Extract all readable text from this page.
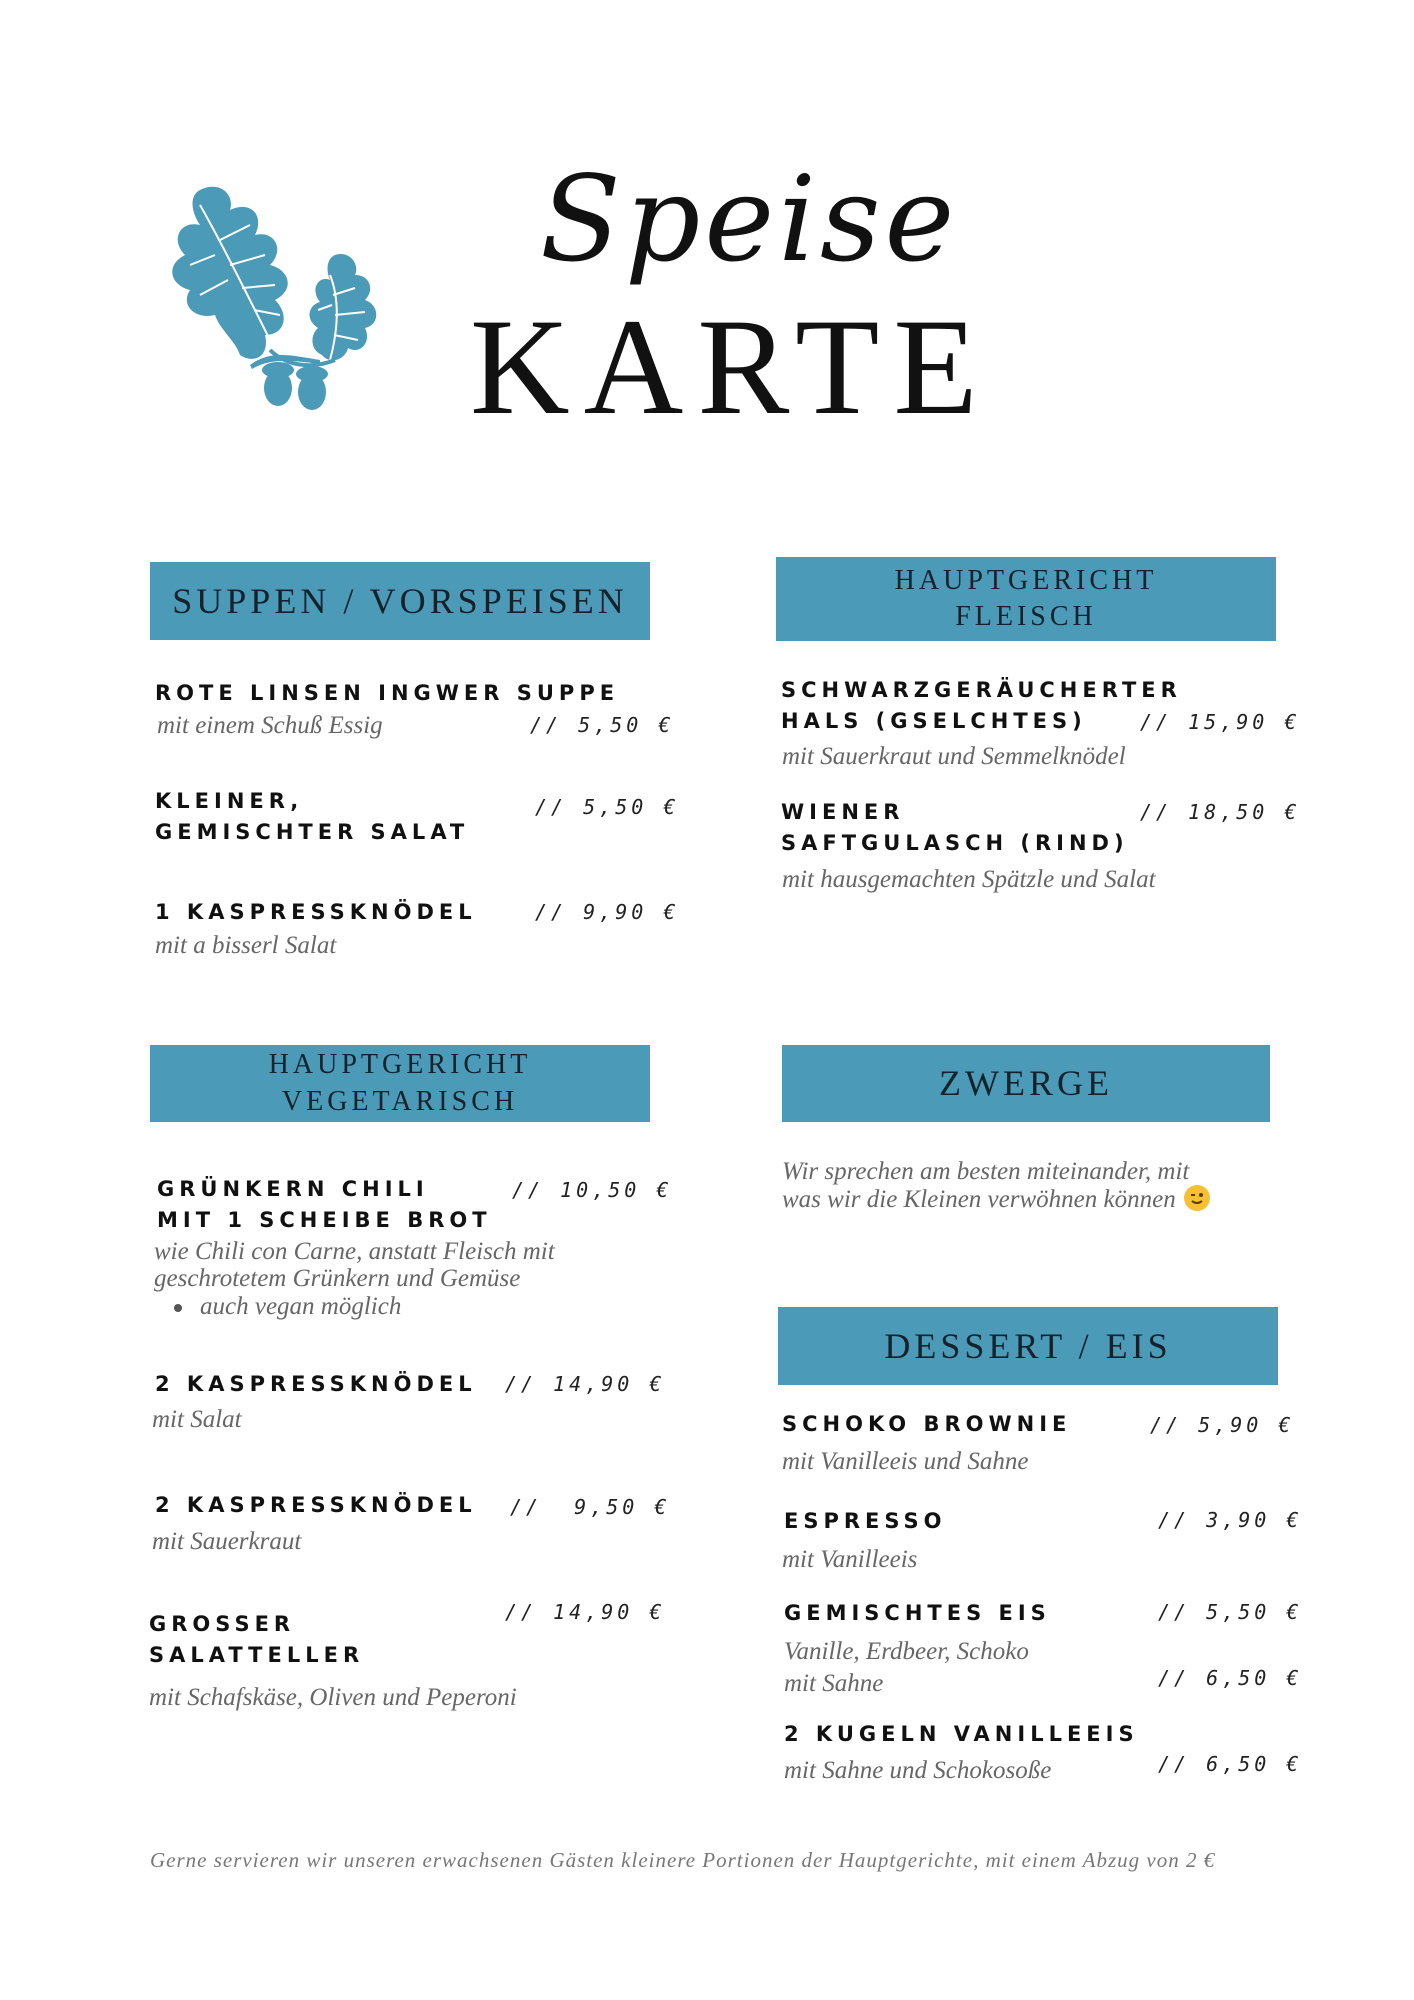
Speise
KARTE
SUPPEN / VORSPEISEN
ROTE LINSEN INGWER SUPPE
mit einem Schuß Essig	// 5,50 €
KLEINER,
GEMISCHTER SALAT
// 5,50 €
1 KASPRESSKNÖDEL
mit a bisserl Salat
// 9,90 €
HAUPTGERICHT
FLEISCH
SCHWARZGERÄUCHERTER
HALS (GSELCHTES)	// 15,90 €
mit Sauerkraut und Semmelknödel
WIENER
SAFTGULASCH (RIND)
// 18,50 €
mit hausgemachten Spätzle und Salat
HAUPTGERICHT
VEGETARISCH
GRÜNKERN CHILI
MIT 1 SCHEIBE BROT
// 10,50 €
wie Chili con Carne, anstatt Fleisch mit
geschrotetem Grünkern und Gemüse
auch vegan möglich
2 KASPRESSKNÖDEL // 14,90 €
mit Salat
2 KASPRESSKNÖDEL //  9,50 €
mit Sauerkraut
GROSSER
SALATTELLER
// 14,90 €
mit Schafskäse, Oliven und Peperoni
ZWERGE
Wir sprechen am besten miteinander, mit
was wir die Kleinen verwöhnen können
DESSERT / EIS
SCHOKO BROWNIE	// 5,90 €
mit Vanilleeis und Sahne
ESPRESSO	// 3,90 €
mit Vanilleeis
GEMISCHTES EIS	// 5,50 €
Vanille, Erdbeer, Schoko
mit Sahne	// 6,50 €
2 KUGELN VANILLEEIS
mit Sahne und Schokosoße	// 6,50 €
Gerne servieren wir unseren erwachsenen Gästen kleinere Portionen der Hauptgerichte, mit einem Abzug von 2 €
